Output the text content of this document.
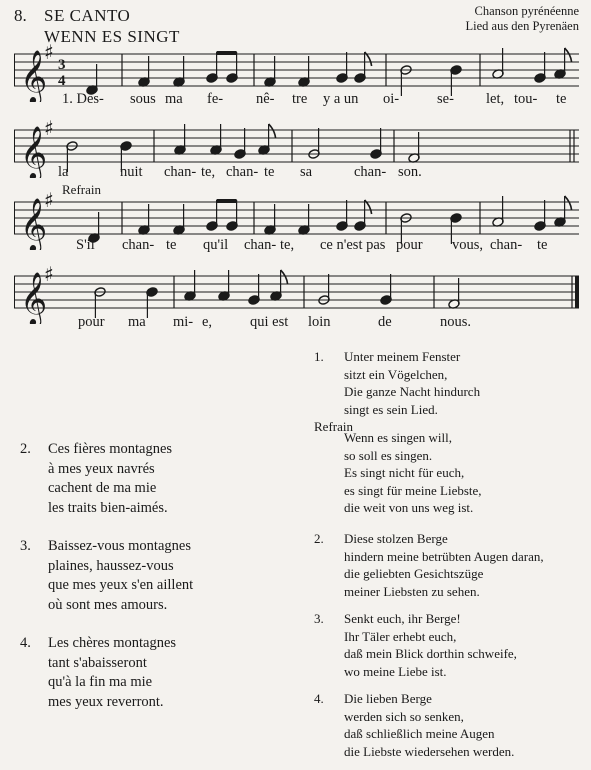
8. SE CANTO
WENN ES SINGT
Chanson pyrénéenne
Lied aus den Pyrenäen
𝄞
♯
3
4
𝄞
♯
𝄞
♯
𝄞
♯
Refrain
1. Des- sous ma fe- nê- tre y a un oi-	se- let, tou- te
la	nuit chan- te, chan- te sa	chan- son.
S'il chan- te qu'il chan- te, ce n'est pas pour vous, chan- te
pour ma mi- e,	qui est loin	de	nous.
2. Ces fières montagnes
à mes yeux navrés
cachent de ma mie
les traits bien-aimés.
3. Baissez-vous montagnes
plaines, haussez-vous
que mes yeux s'en aillent
où sont mes amours.
4. Les chères montagnes
tant s'abaisseront
qu'à la fin ma mie
mes yeux reverront.
1. Unter meinem Fenster
sitzt ein Vögelchen,
Die ganze Nacht hindurch
singt es sein Lied.
Refrain
Wenn es singen will,
so soll es singen.
Es singt nicht für euch,
es singt für meine Liebste,
die weit von uns weg ist.
2. Diese stolzen Berge
hindern meine betrübten Augen daran,
die geliebten Gesichtszüge
meiner Liebsten zu sehen.
3. Senkt euch, ihr Berge!
Ihr Täler erhebt euch,
daß mein Blick dorthin schweife,
wo meine Liebe ist.
4. Die lieben Berge
werden sich so senken,
daß schließlich meine Augen
die Liebste wiedersehen werden.
